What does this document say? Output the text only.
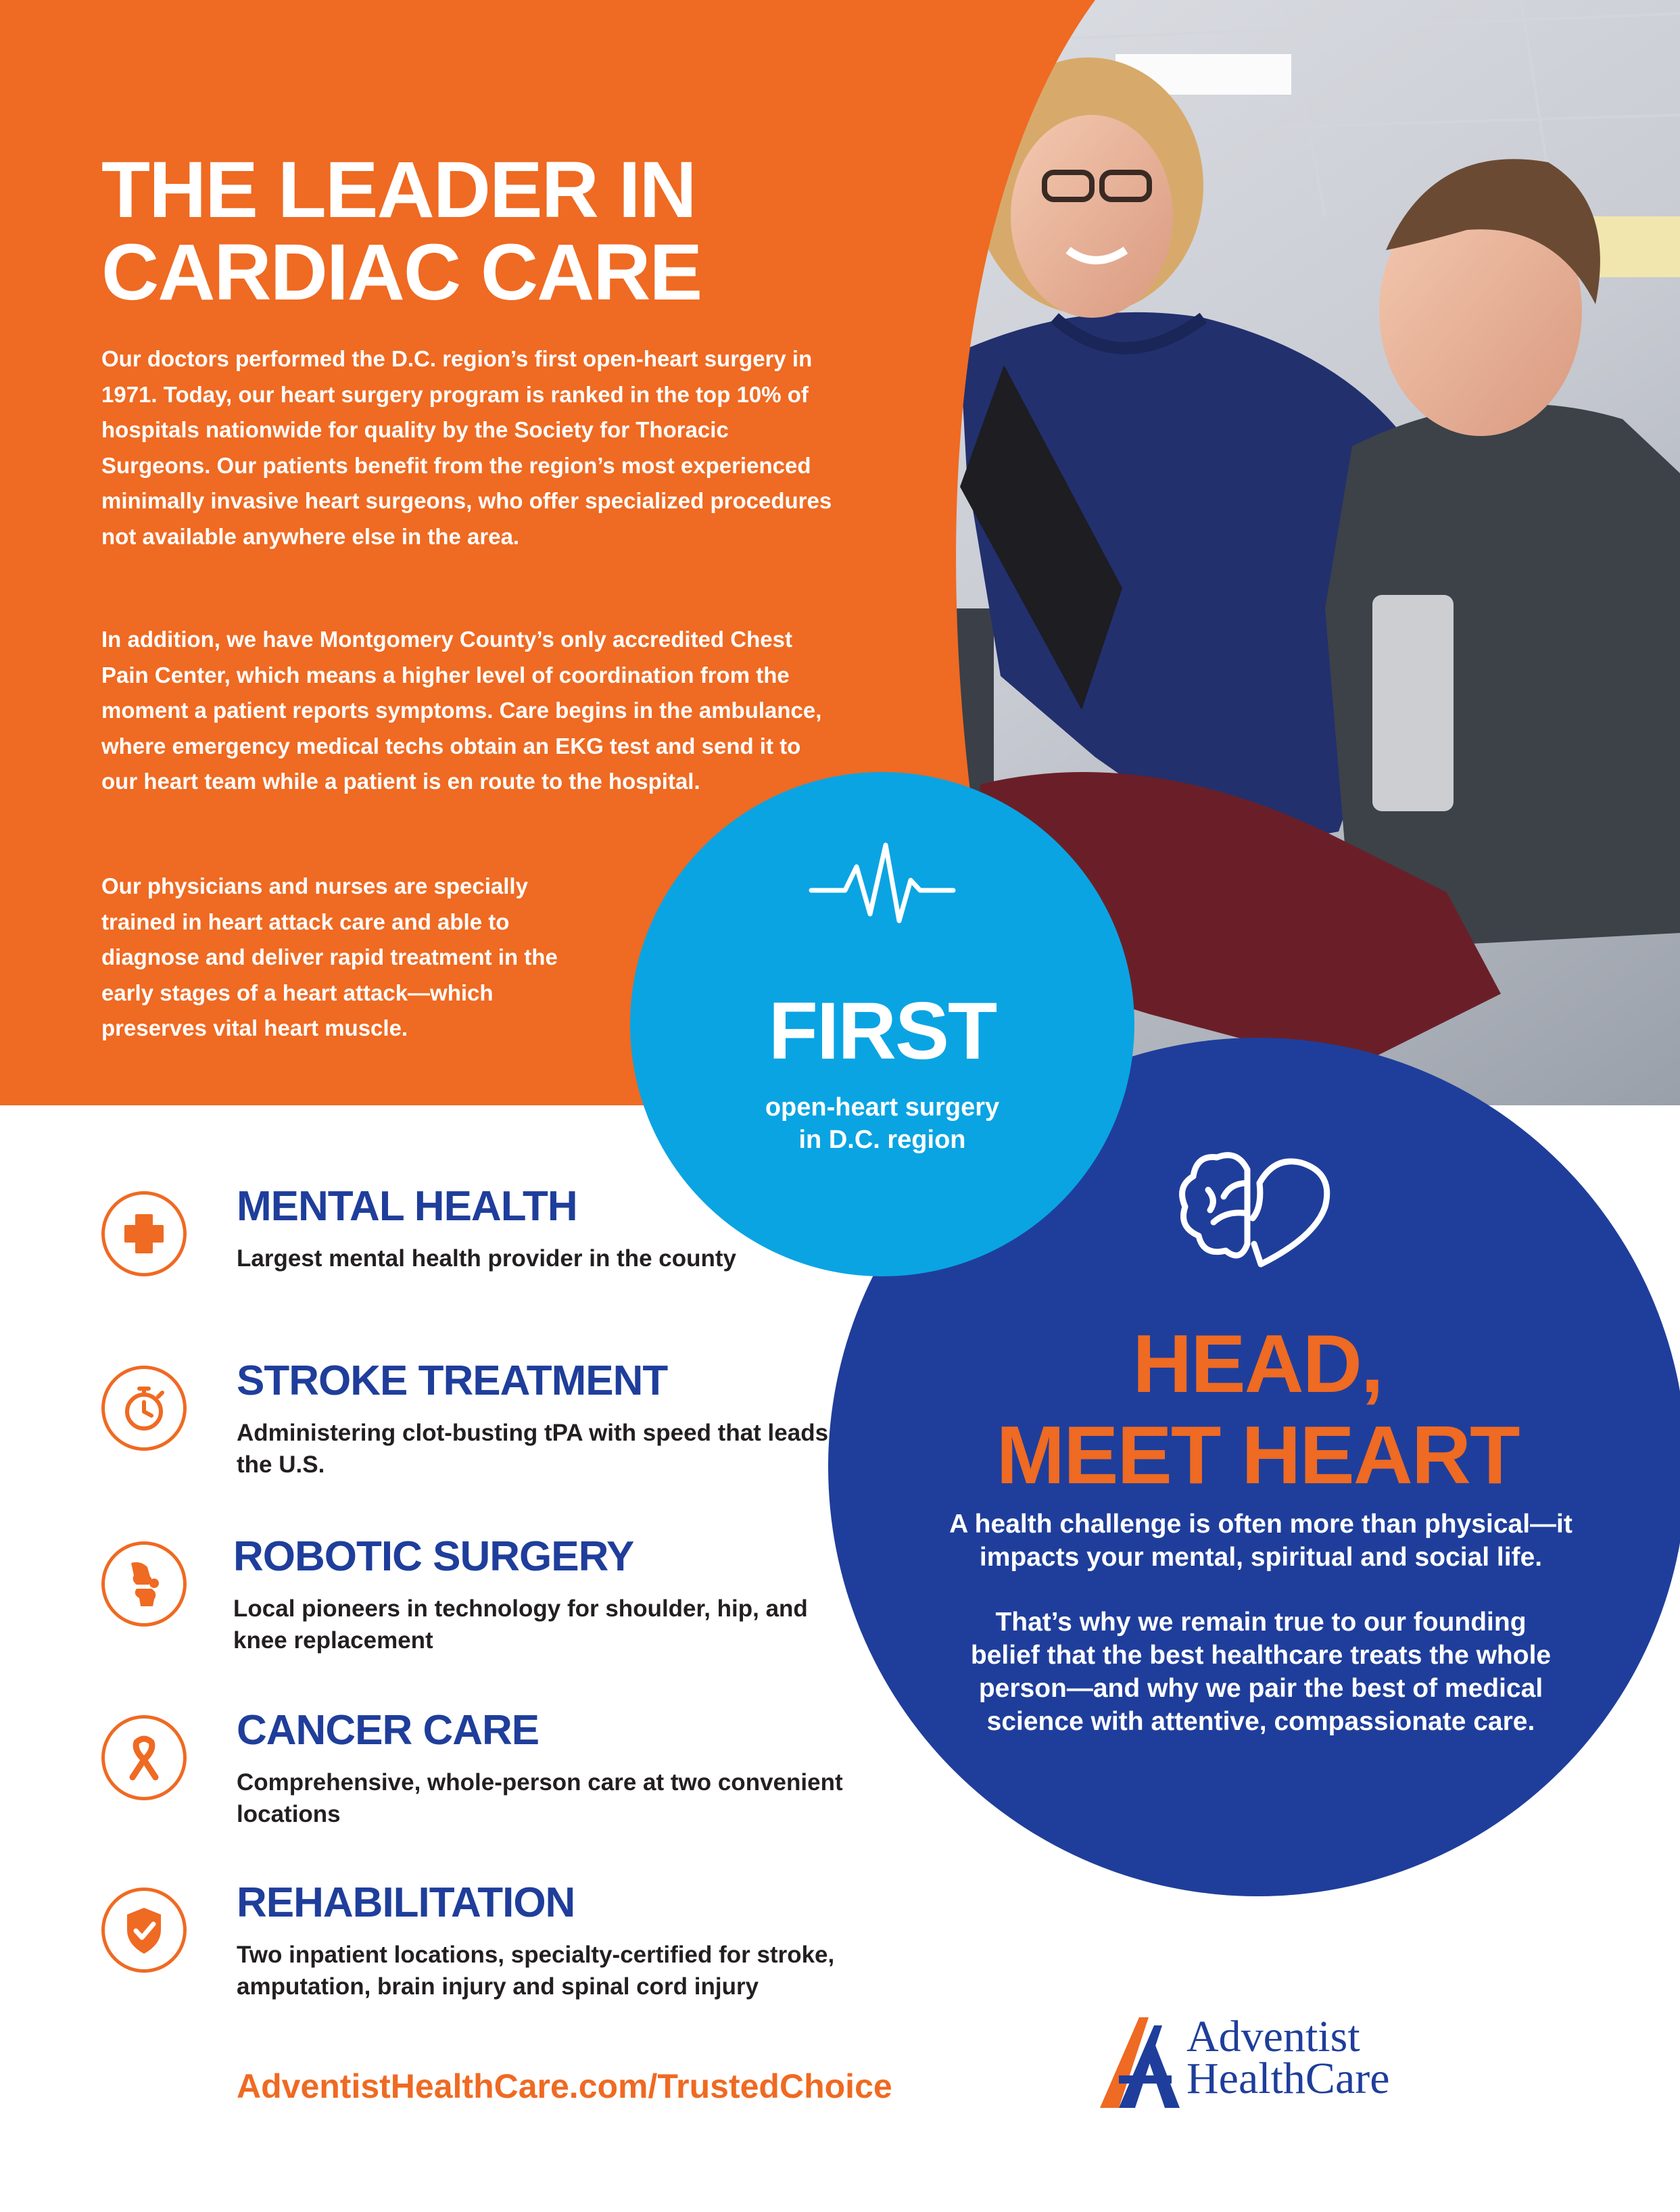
THE LEADER IN
CARDIAC CARE

Our doctors performed the D.C. region’s first open-heart surgery in 1971. Today, our heart surgery program is ranked in the top 10% of hospitals nationwide for quality by the Society for Thoracic Surgeons. Our patients benefit from the region’s most experienced minimally invasive heart surgeons, who offer specialized procedures not available anywhere else in the area.

In addition, we have Montgomery County’s only accredited Chest Pain Center, which means a higher level of coordination from the moment a patient reports symptoms. Care begins in the ambulance, where emergency medical techs obtain an EKG test and send it to our heart team while a patient is en route to the hospital.

Our physicians and nurses are specially trained in heart attack care and able to diagnose and deliver rapid treatment in the early stages of a heart attack—which preserves vital heart muscle.

HEAD,
MEET HEART

A health challenge is often more than physical—it impacts your mental, spiritual and social life.

That’s why we remain true to our founding belief that the best healthcare treats the whole person—and why we pair the best of medical science with attentive, compassionate care.

FIRST

open-heart surgery
in D.C. region

MENTAL HEALTH

Largest mental health provider in the county

STROKE TREATMENT

Administering clot-busting tPA with speed that leads the U.S.

ROBOTIC SURGERY

Local pioneers in technology for shoulder, hip, and knee replacement

CANCER CARE

Comprehensive, whole-person care at two convenient locations

REHABILITATION

Two inpatient locations, specialty-certified for stroke, amputation, brain injury and spinal cord injury

AdventistHealthCare.com/TrustedChoice

Adventist

HealthCare
